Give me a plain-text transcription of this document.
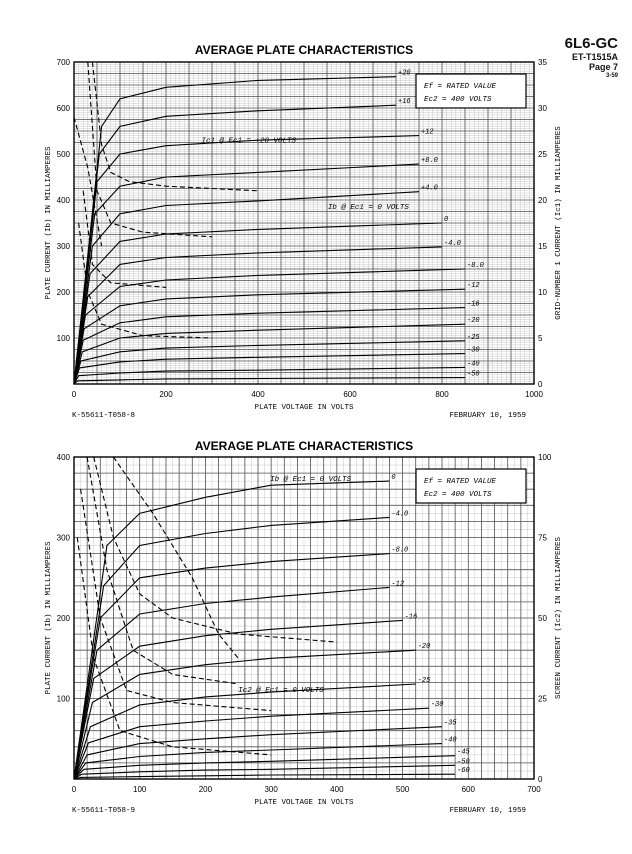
6L6-GC
ET-T1515A
Page 7
3-59
AVERAGE PLATE CHARACTERISTICS
0	200	400	600	800	1000
700
600
500
400
300
200
100
35
30
25
20
15
10
5
0
PLATE VOLTAGE IN VOLTS
PLATE CURRENT (Ib) IN MILLIAMPERES	GRID-NUMBER 1 CURRENT (Ic1) IN MILLIAMPERES
K-55611-T058-8	FEBRUARY 10, 1959
Ef = RATED VALUE
Ec2 = 400 VOLTS
+20
+16
+12
+8.0
+4.0
0
-4.0
-8.0
-12
-16
-20
-25
-30
-40
-50
Ic1 @ Ec1 = +20 VOLTS
Ib @ Ec1 = 0 VOLTS
AVERAGE PLATE CHARACTERISTICS
0	100	200	300	400	500	600	700
400
300
200
100
100
75
50
25
0
PLATE VOLTAGE IN VOLTS
PLATE CURRENT (Ib) IN MILLIAMPERES	SCREEN CURRENT (Ic2) IN MILLIAMPERES
K-55611-T058-9	FEBRUARY 10, 1959
Ef = RATED VALUE
Ec2 = 400 VOLTS
0
-4.0
-8.0
-12
-16
-20
-25
-30
-35
-40
-45
-50
-60
Ib @ Ec1 = 0 VOLTS
Ic2 @ Ec1 = 0 VOLTS
